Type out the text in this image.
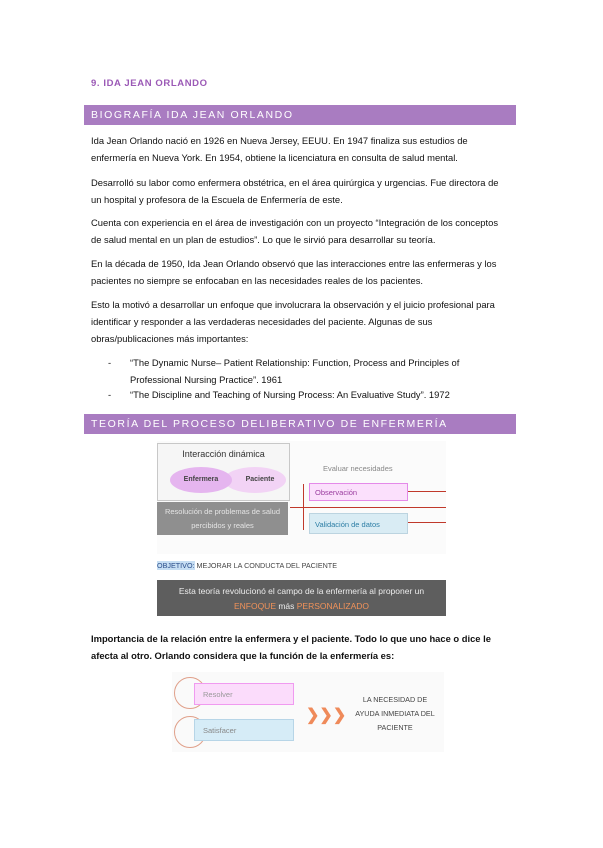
9. IDA JEAN ORLANDO
BIOGRAFÍA IDA JEAN ORLANDO

Ida Jean Orlando nació en 1926 en Nueva Jersey, EEUU. En 1947 finaliza sus estudios de enfermería en Nueva York. En 1954, obtiene la licenciatura en consulta de salud mental.

Desarrolló su labor como enfermera obstétrica, en el área quirúrgica y urgencias. Fue directora de un hospital y profesora de la Escuela de Enfermería de este.

Cuenta con experiencia en el área de investigación con un proyecto “Integración de los conceptos de salud mental en un plan de estudios”. Lo que le sirvió para desarrollar su teoría.

En la década de 1950, Ida Jean Orlando observó que las interacciones entre las enfermeras y los pacientes no siempre se enfocaban en las necesidades reales de los pacientes.

Esto la motivó a desarrollar un enfoque que involucrara la observación y el juicio profesional para identificar y responder a las verdaderas necesidades del paciente. Algunas de sus obras/publicaciones más importantes:

- “The Dynamic Nurse– Patient Relationship: Function, Process and Principles of Professional Nursing Practice”. 1961
- “The Discipline and Teaching of Nursing Process: An Evaluative Study”. 1972
TEORÍA DEL PROCESO DELIBERATIVO DE ENFERMERÍA
Interacción dinámica
Paciente
Enfermera
Resolución de problemas de salud percibidos y reales
Evaluar necesidades
Observación
Validación de datos
OBJETIVO: MEJORAR LA CONDUCTA DEL PACIENTE
Esta teoría revolucionó el campo de la enfermería al proponer un
ENFOQUE más PERSONALIZADO

Importancia de la relación entre la enfermera y el paciente. Todo lo que uno hace o dice le afecta al otro. Orlando considera que la función de la enfermería es:

Resolver
Satisfacer
❯❯❯
LA NECESIDAD DE AYUDA INMEDIATA DEL PACIENTE
